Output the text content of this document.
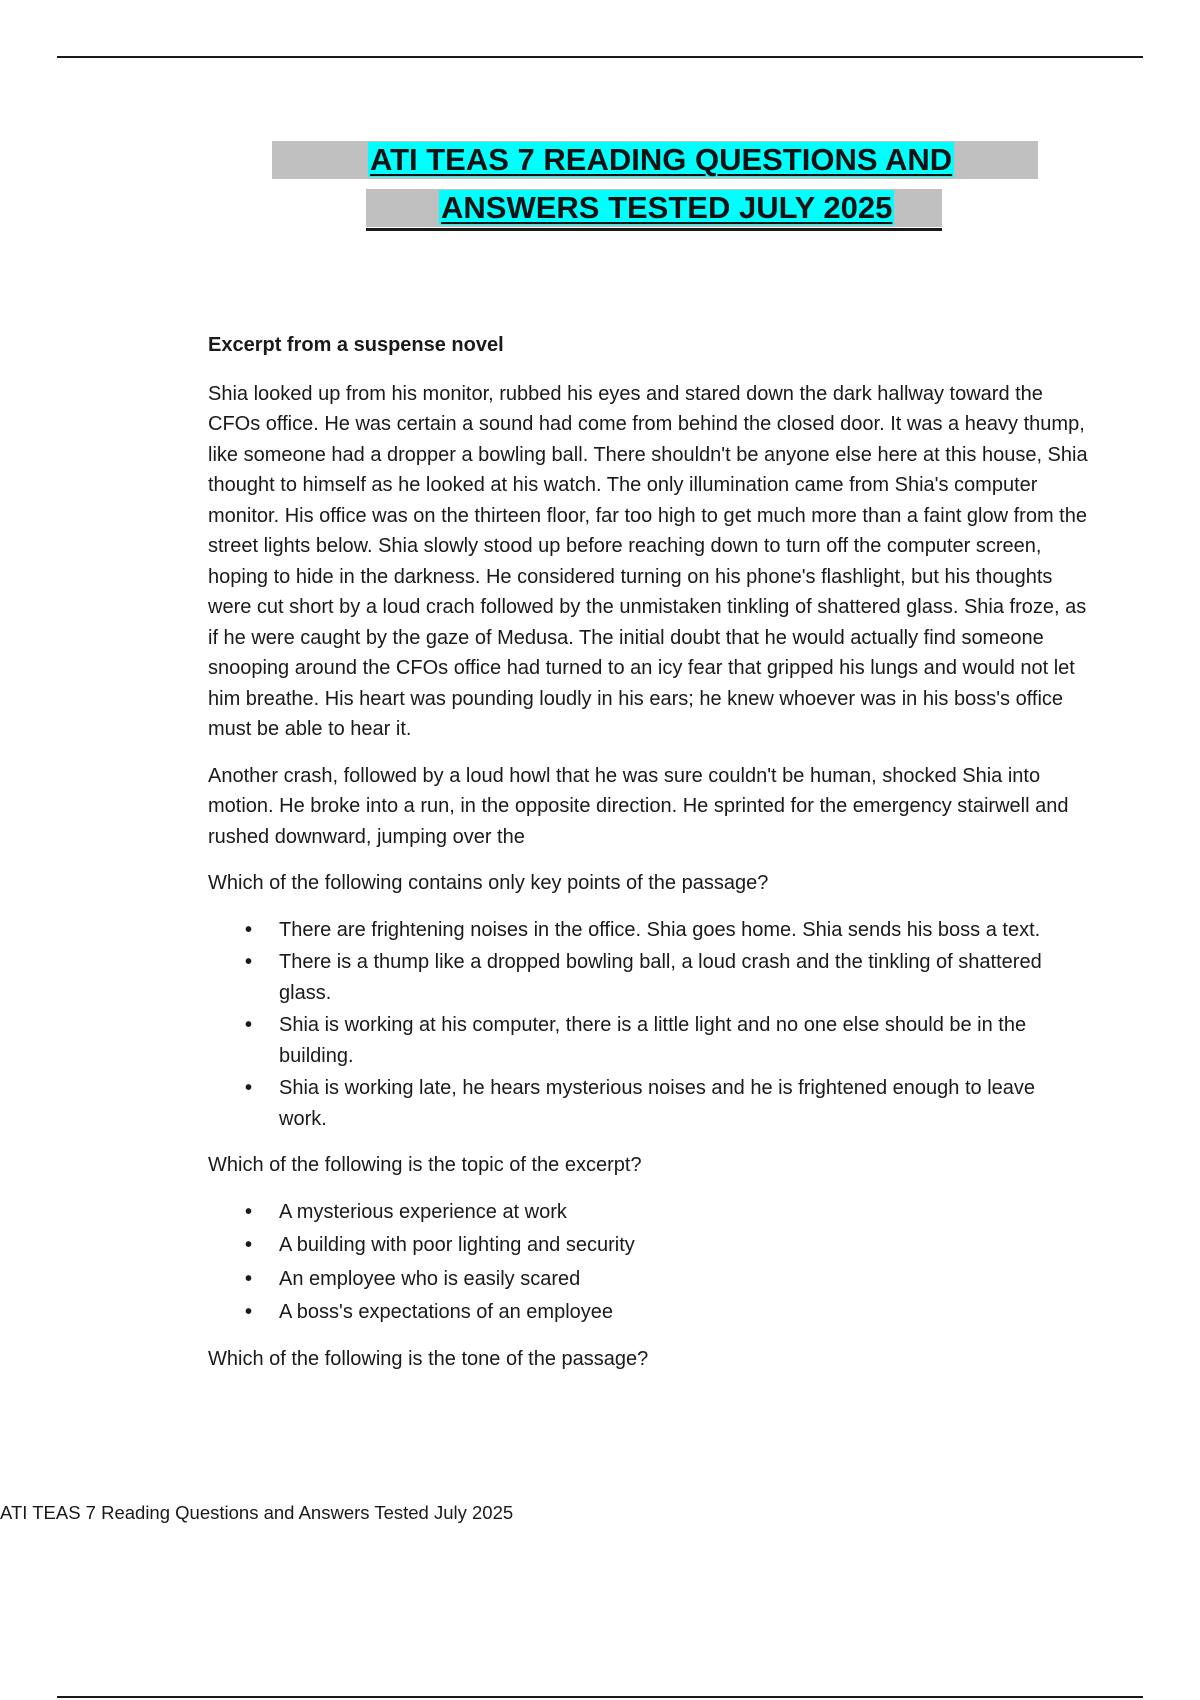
ATI TEAS 7 READING QUESTIONS AND
ANSWERS TESTED JULY 2025
Excerpt from a suspense novel

Shia looked up from his monitor, rubbed his eyes and stared down the dark hallway toward the CFOs office. He was certain a sound had come from behind the closed door. It was a heavy thump, like someone had a dropper a bowling ball. There shouldn't be anyone else here at this house, Shia thought to himself as he looked at his watch. The only illumination came from Shia's computer monitor. His office was on the thirteen floor, far too high to get much more than a faint glow from the street lights below. Shia slowly stood up before reaching down to turn off the computer screen, hoping to hide in the darkness. He considered turning on his phone's flashlight, but his thoughts were cut short by a loud crach followed by the unmistaken tinkling of shattered glass. Shia froze, as if he were caught by the gaze of Medusa. The initial doubt that he would actually find someone snooping around the CFOs office had turned to an icy fear that gripped his lungs and would not let him breathe. His heart was pounding loudly in his ears; he knew whoever was in his boss's office must be able to hear it.

Another crash, followed by a loud howl that he was sure couldn't be human, shocked Shia into motion. He broke into a run, in the opposite direction. He sprinted for the emergency stairwell and rushed downward, jumping over the

Which of the following contains only key points of the passage?

• There are frightening noises in the office. Shia goes home. Shia sends his boss a text.
• There is a thump like a dropped bowling ball, a loud crash and the tinkling of shattered glass.
• Shia is working at his computer, there is a little light and no one else should be in the building.
• Shia is working late, he hears mysterious noises and he is frightened enough to leave work.

Which of the following is the topic of the excerpt?

• A mysterious experience at work
• A building with poor lighting and security
• An employee who is easily scared
• A boss's expectations of an employee

Which of the following is the tone of the passage?

ATI TEAS 7 Reading Questions and Answers Tested July 2025
